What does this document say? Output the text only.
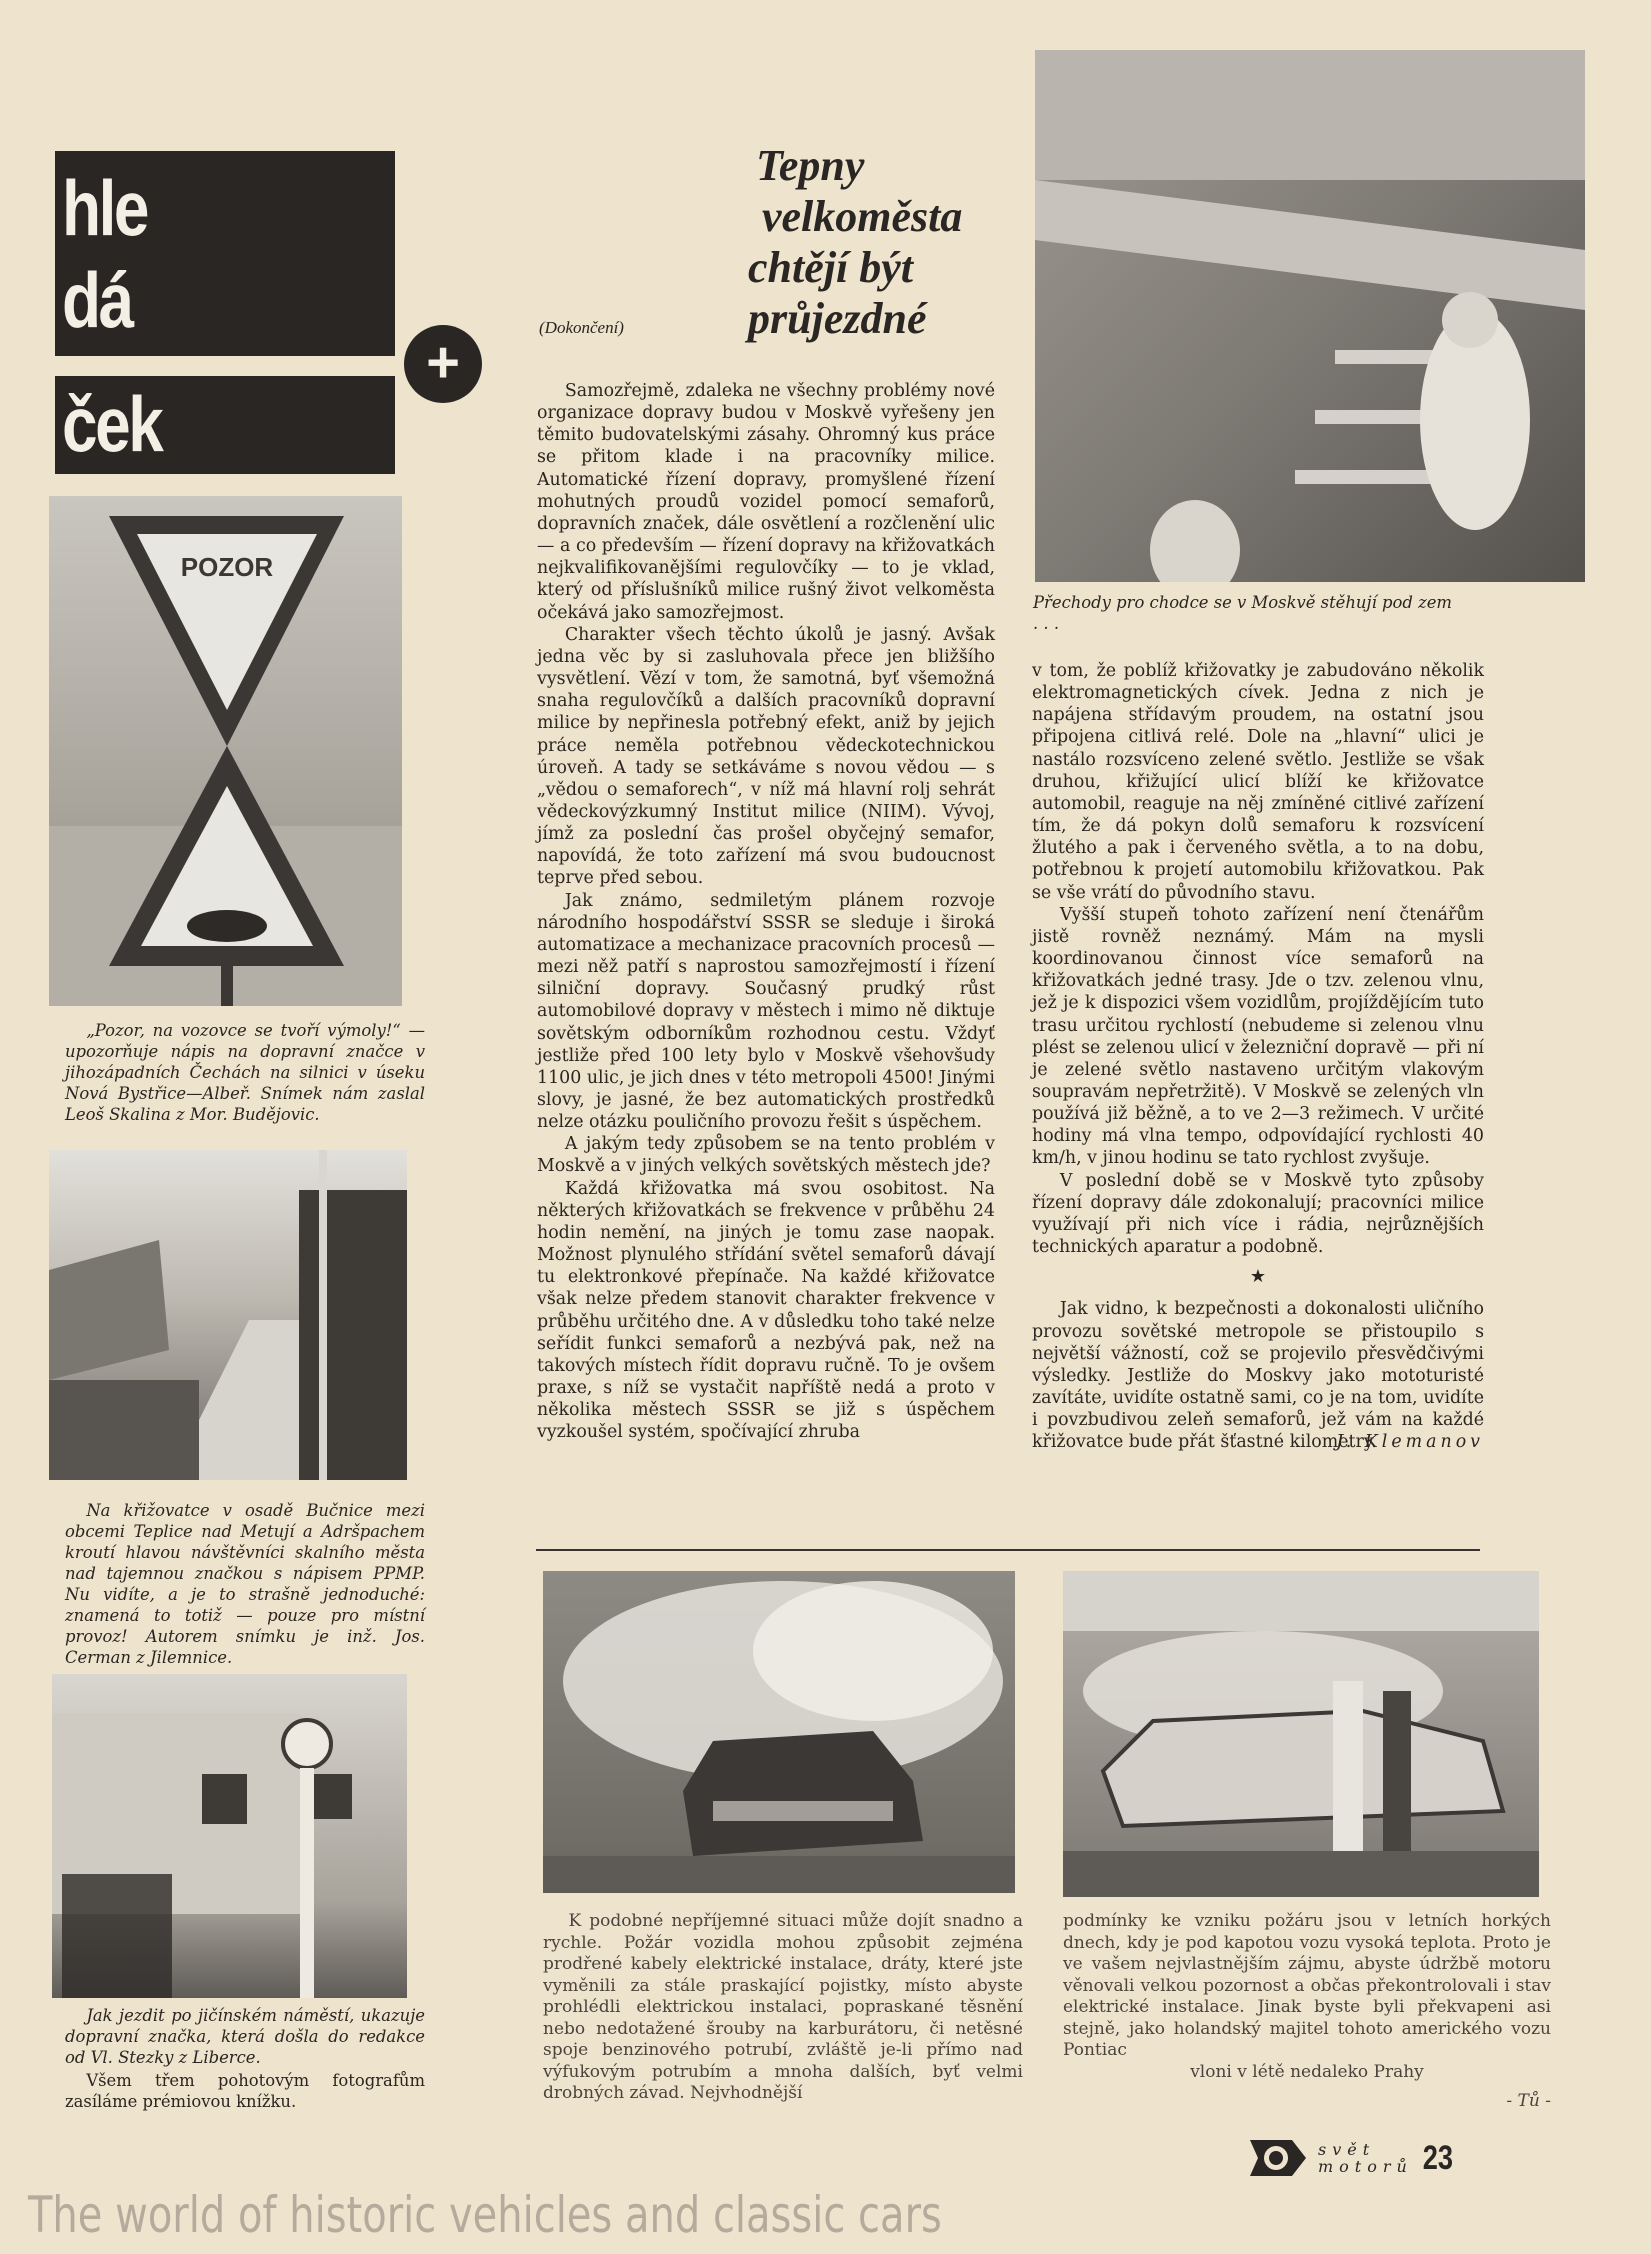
hle
dá
ček
+
Tepny
velkoměsta
chtějí být
průjezdné
(Dokončení)
POZOR

„Pozor, na vozovce se tvoří výmoly!“ — upozorňuje nápis na dopravní značce v jihozápadních Čechách na silnici v úseku Nová Bystřice—Albeř. Snímek nám zaslal Leoš Skalina z Mor. Budějovic.

Na křižovatce v osadě Bučnice mezi obcemi Teplice nad Metují a Adršpachem kroutí hlavou návštěvníci skalního města nad tajemnou značkou s nápisem PPMP. Nu vidíte, a je to strašně jednoduché: znamená to totiž — pouze pro místní provoz! Autorem snímku je inž. Jos. Cerman z Jilemnice.

Jak jezdit po jičínském náměstí, ukazuje dopravní značka, která došla do redakce od Vl. Stezky z Liberce.

Všem třem pohotovým fotografům zasíláme prémiovou knížku.

Samozřejmě, zdaleka ne všechny problémy nové organizace dopravy budou v Moskvě vyřešeny jen těmito budovatelskými zásahy. Ohromný kus práce se přitom klade i na pracovníky milice. Automatické řízení dopravy, promyšlené řízení mohutných proudů vozidel pomocí semaforů, dopravních značek, dále osvětlení a rozčlenění ulic — a co především — řízení dopravy na křižovatkách nejkvalifikovanějšími regulovčíky — to je vklad, který od příslušníků milice rušný život velkoměsta očekává jako samozřejmost.

Charakter všech těchto úkolů je jasný. Avšak jedna věc by si zasluhovala přece jen bližšího vysvětlení. Vězí v tom, že samotná, byť všemožná snaha regulovčíků a dalších pracovníků dopravní milice by nepřinesla potřebný efekt, aniž by jejich práce neměla potřebnou vědeckotechnickou úroveň. A tady se setkáváme s novou vědou — s „vědou o semaforech“, v níž má hlavní rolj sehrát vědeckovýzkumný Institut milice (NIIM). Vývoj, jímž za poslední čas prošel obyčejný semafor, napovídá, že toto zařízení má svou budoucnost teprve před sebou.

Jak známo, sedmiletým plánem rozvoje národního hospodářství SSSR se sleduje i široká automatizace a mechanizace pracovních procesů — mezi něž patří s naprostou samozřejmostí i řízení silniční dopravy. Současný prudký růst automobilové dopravy v městech i mimo ně diktuje sovětským odborníkům rozhodnou cestu. Vždyť jestliže před 100 lety bylo v Moskvě všehovšudy 1100 ulic, je jich dnes v této metropoli 4500! Jinými slovy, je jasné, že bez automatických prostředků nelze otázku pouličního provozu řešit s úspěchem.

A jakým tedy způsobem se na tento problém v Moskvě a v jiných velkých sovětských městech jde?

Každá křižovatka má svou osobitost. Na některých křižovatkách se frekvence v průběhu 24 hodin nemění, na jiných je tomu zase naopak. Možnost plynulého střídání světel semaforů dávají tu elektronkové přepínače. Na každé křižovatce však nelze předem stanovit charakter frekvence v průběhu určitého dne. A v důsledku toho také nelze seřídit funkci semaforů a nezbývá pak, než na takových místech řídit dopravu ručně. To je ovšem praxe, s níž se vystačit napříště nedá a proto v několika městech SSSR se již s úspěchem vyzkoušel systém, spočívající zhruba

Přechody pro chodce se v Moskvě stěhují pod zem . . .

v tom, že poblíž křižovatky je zabudováno několik elektromagnetických cívek. Jedna z nich je napájena střídavým proudem, na ostatní jsou připojena citlivá relé. Dole na „hlavní“ ulici je nastálo rozsvíceno zelené světlo. Jestliže se však druhou, křižující ulicí blíží ke křižovatce automobil, reaguje na něj zmíněné citlivé zařízení tím, že dá pokyn dolů semaforu k rozsvícení žlutého a pak i červeného světla, a to na dobu, potřebnou k projetí automobilu křižovatkou. Pak se vše vrátí do původního stavu.

Vyšší stupeň tohoto zařízení není čtenářům jistě rovněž neznámý. Mám na mysli koordinovanou činnost více semaforů na křižovatkách jedné trasy. Jde o tzv. zelenou vlnu, jež je k dispozici všem vozidlům, projíždějícím tuto trasu určitou rychlostí (nebudeme si zelenou vlnu plést se zelenou ulicí v železniční dopravě — při ní je zelené světlo nastaveno určitým vlakovým soupravám nepřetržitě). V Moskvě se zelených vln používá již běžně, a to ve 2—3 režimech. V určité hodiny má vlna tempo, odpovídající rychlosti 40 km/h, v jinou hodinu se tato rychlost zvyšuje.

V poslední době se v Moskvě tyto způsoby řízení dopravy dále zdokonalují; pracovníci milice využívají při nich více i rádia, nejrůznějších technických aparatur a podobně.

★

Jak vidno, k bezpečnosti a dokonalosti uličního provozu sovětské metropole se přistoupilo s největší vážností, což se projevilo přesvědčivými výsledky. Jestliže do Moskvy jako mototuristé zavítáte, uvidíte ostatně sami, co je na tom, uvidíte i povzbudivou zeleň semaforů, jež vám na každé křižovatce bude přát šťastné kilometry.

J. Klemanov

K podobné nepříjemné situaci může dojít snadno a rychle. Požár vozidla mohou způsobit zejména prodřené kabely elektrické instalace, dráty, které jste vyměnili za stále praskající pojistky, místo abyste prohlédli elektrickou instalaci, popraskané těsnění nebo nedotažené šrouby na karburátoru, či netěsné spoje benzinového potrubí, zvláště je-li přímo nad výfukovým potrubím a mnoha dalších, byť velmi drobných závad. Nejvhodnější

podmínky ke vzniku požáru jsou v letních horkých dnech, kdy je pod kapotou vozu vysoká teplota. Proto je ve vašem nejvlastnějším zájmu, abyste údržbě motoru věnovali velkou pozornost a občas překontrolovali i stav elektrické instalace. Jinak byste byli překvapeni asi stejně, jako holandský majitel tohoto amerického vozu Pontiac

vloni v létě nedaleko Prahy
- Tů -
svět
motorů 23
The world of historic vehicles and classic cars
